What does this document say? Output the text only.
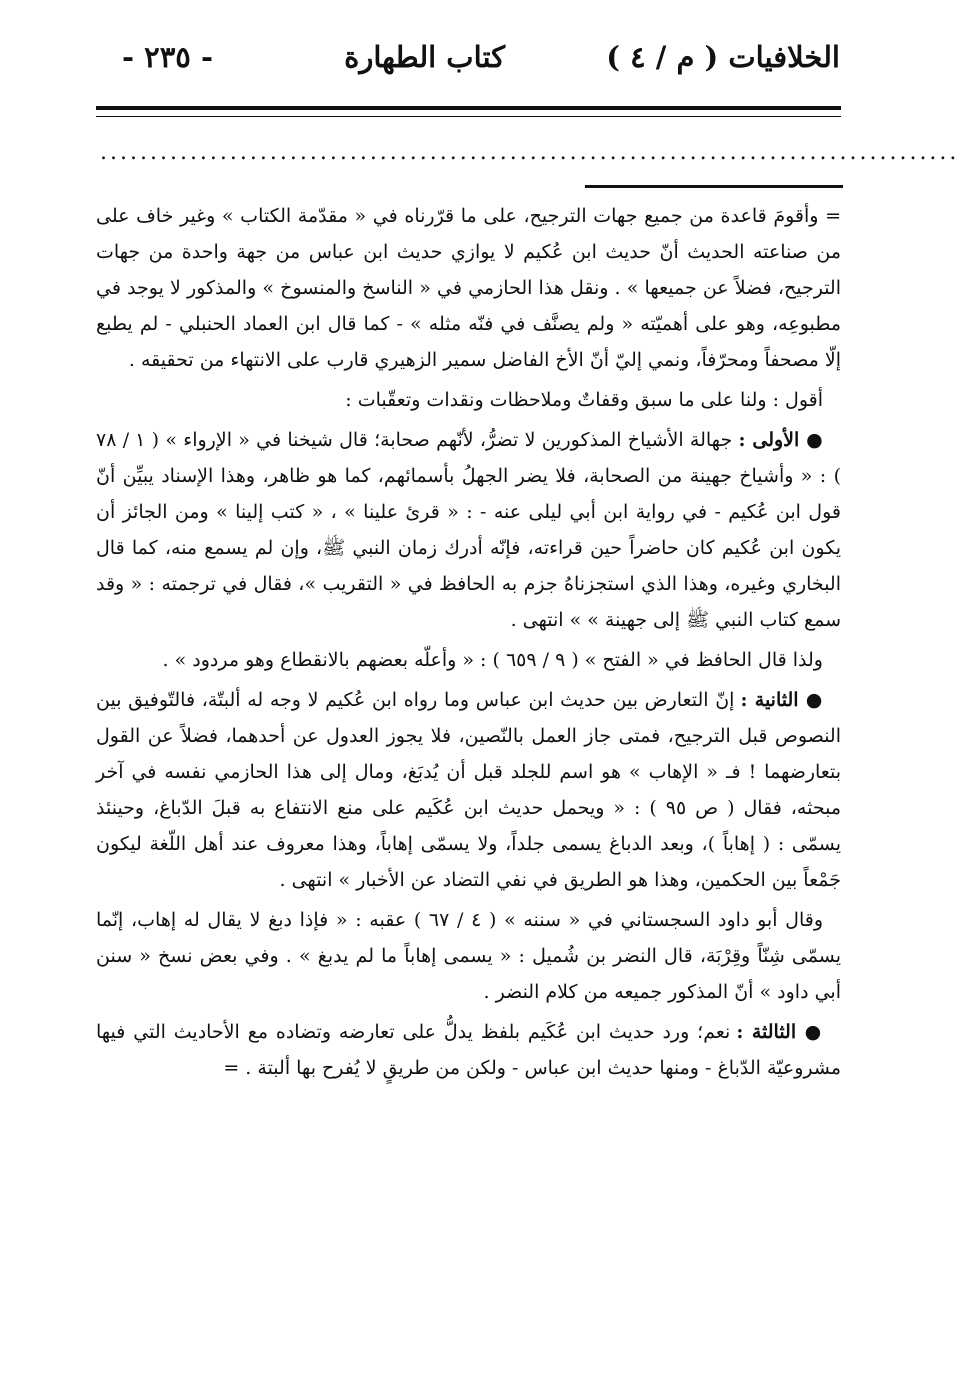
الخلافيات ( م / ٤ )
كتاب الطهارة
- ٢٣٥ -
......................................................................................

= وأقومَ قاعدة من جميع جهات الترجيح، على ما قرّرناه في « مقدّمة الكتاب » وغير خاف على من صناعته الحديث أنّ حديث ابن عُكيم لا يوازي حديث ابن عباس من جهة واحدة من جهات الترجيح، فضلاً عن جميعها » . ونقل هذا الحازمي في « الناسخ والمنسوخ » والمذكور لا يوجد في مطبوعِه، وهو على أهميّته « ولم يصنَّف في فنّه مثله » - كما قال ابن العماد الحنبلي - لم يطبع إلّا مصحفاً ومحرّفاً، ونمي إليّ أنّ الأخ الفاضل سمير الزهيري قارب على الانتهاء من تحقيقه .

أقول : ولنا على ما سبق وقفاتٌ وملاحظات ونقدات وتعقّبات :

● الأولى : جهالة الأشياخ المذكورين لا تضرُّ، لأنّهم صحابة؛ قال شيخنا في « الإرواء » ( ١ / ٧٨ ) : « وأشياخ جهينة من الصحابة، فلا يضر الجهلُ بأسمائهم، كما هو ظاهر، وهذا الإسناد يبيِّن أنّ قول ابن عُكيم - في رواية ابن أبي ليلى عنه - : « قرئ علينا » ، « كتب إلينا » ومن الجائز أن يكون ابن عُكيم كان حاضراً حين قراءته، فإنّه أدرك زمان النبي ﷺ، وإن لم يسمع منه، كما قال البخاري وغيره، وهذا الذي استجزناهُ جزم به الحافظ في « التقريب »، فقال في ترجمته : « وقد سمع كتاب النبي ﷺ إلى جهينة » » انتهى .

ولذا قال الحافظ في « الفتح » ( ٩ / ٦٥٩ ) : « وأعلّه بعضهم بالانقطاع وهو مردود » .

● الثانية : إنّ التعارض بين حديث ابن عباس وما رواه ابن عُكيم لا وجه له ألبتّة، فالتّوفيق بين النصوص قبل الترجيح، فمتى جاز العمل بالنّصين، فلا يجوز العدول عن أحدهما، فضلاً عن القول بتعارضهما ! فـ « الإهاب » هو اسم للجلد قبل أن يُدبَغ، ومال إلى هذا الحازمي نفسه في آخر مبحثه، فقال ( ص ٩٥ ) : « ويحمل حديث ابن عُكَيم على منع الانتفاع به قبلَ الدّباغ، وحينئذ يسمّى : ( إهاباً )، وبعد الدباغ يسمى جلداً، ولا يسمّى إهاباً، وهذا معروف عند أهل اللّغة ليكون جَمْعاً بين الحكمين، وهذا هو الطريق في نفي التضاد عن الأخبار » انتهى .

وقال أبو داود السجستاني في « سننه » ( ٤ / ٦٧ ) عقبه : « فإذا دبغ لا يقال له إهاب، إنّما يسمّى شِنّاً وقِرْبَة، قال النضر بن شُميل : « يسمى إهاباً ما لم يدبغ » . وفي بعض نسخ « سنن أبي داود » أنّ المذكور جميعه من كلام النضر .

● الثالثة : نعم؛ ورد حديث ابن عُكَيم بلفظ يدلُّ على تعارضه وتضاده مع الأحاديث التي فيها مشروعيّة الدّباغ - ومنها حديث ابن عباس - ولكن من طريقٍ لا يُفرح بها ألبتة . =
